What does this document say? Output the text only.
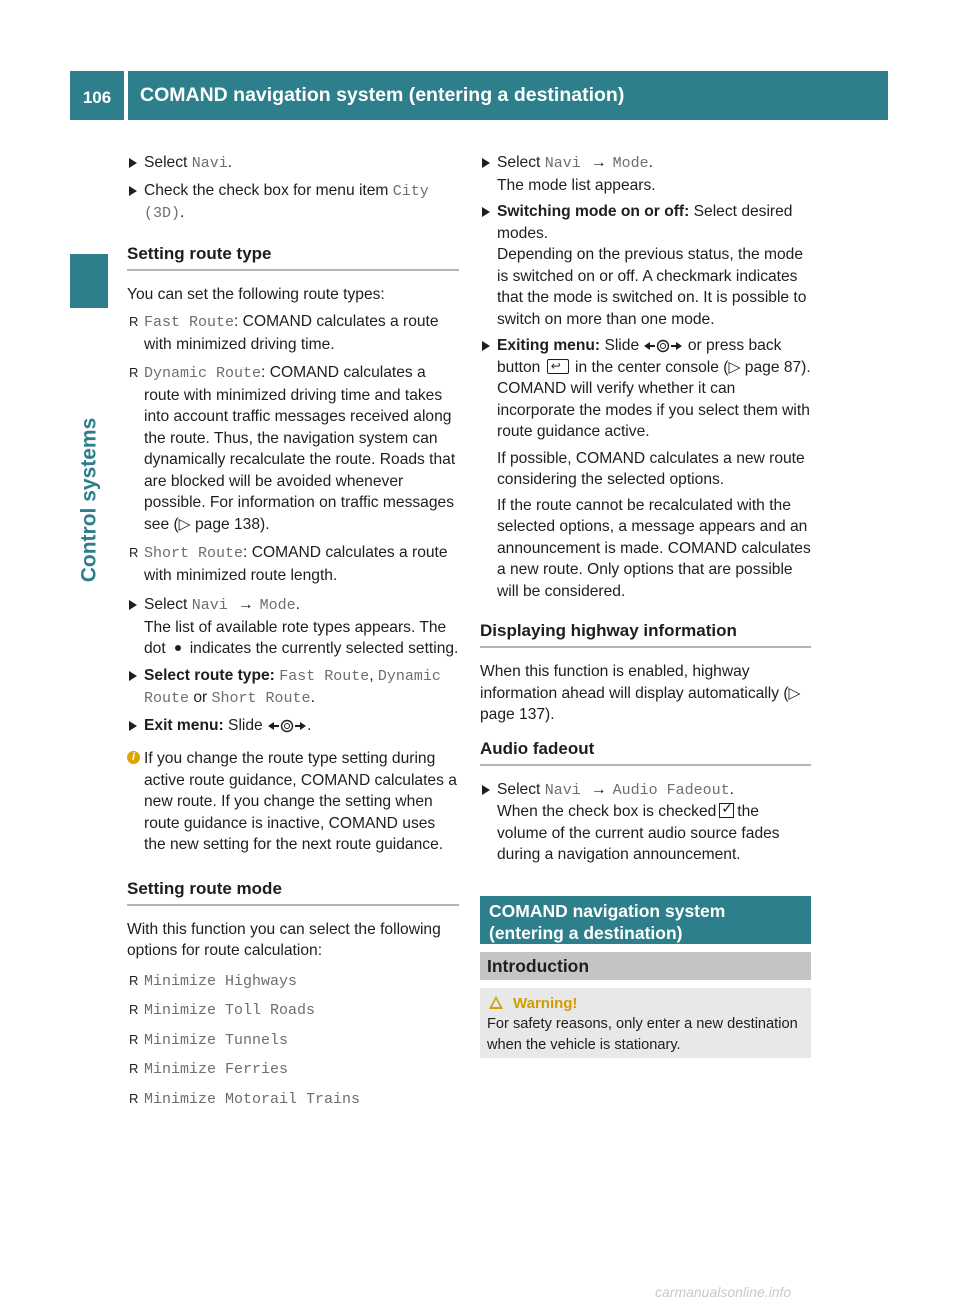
106	COMAND navigation system (entering a destination)
Control systems
Select Navi.
Check the check box for menu item City (3D).
Setting route type

You can set the following route types:

R Fast Route: COMAND calculates a route with minimized driving time.
R Dynamic Route: COMAND calculates a route with minimized driving time and takes into account traffic messages received along the route. Thus, the navigation system can dynamically recalculate the route. Roads that are blocked will be avoided whenever possible. For information on traffic messages see (▷ page 138).
R Short Route: COMAND calculates a route with minimized route length.
Select Navi → Mode.
The list of available rote types appears. The dot indicates the currently selected setting.
Select route type: Fast Route, Dynamic Route or Short Route.
Exit menu: Slide	.
i If you change the route type setting during active route guidance, COMAND calculates a new route. If you change the setting when route guidance is inactive, COMAND uses the new setting for the next route guidance.
Setting route mode

With this function you can select the following options for route calculation:

R Minimize Highways
R Minimize Toll Roads
R Minimize Tunnels
R Minimize Ferries
R Minimize Motorail Trains
Select Navi → Mode.
The mode list appears.
Switching mode on or off: Select desired modes.
Depending on the previous status, the mode is switched on or off. A checkmark indicates that the mode is switched on. It is possible to switch on more than one mode.
Exiting menu: Slide	or press back button ↩ in the center console (▷ page 87).
COMAND will verify whether it can incorporate the modes if you select them with route guidance active.

If possible, COMAND calculates a new route considering the selected options.

If the route cannot be recalculated with the selected options, a message appears and an announcement is made. COMAND calculates a new route. Only options that are possible will be considered.

Displaying highway information

When this function is enabled, highway information ahead will display automatically (▷ page 137).

Audio fadeout
Select Navi → Audio Fadeout.
When the check box is checked ✓ the volume of the current audio source fades during a navigation announcement.
COMAND navigation system (entering a destination)
Introduction
Warning!
For safety reasons, only enter a new destination when the vehicle is stationary.
carmanualsonline.info
